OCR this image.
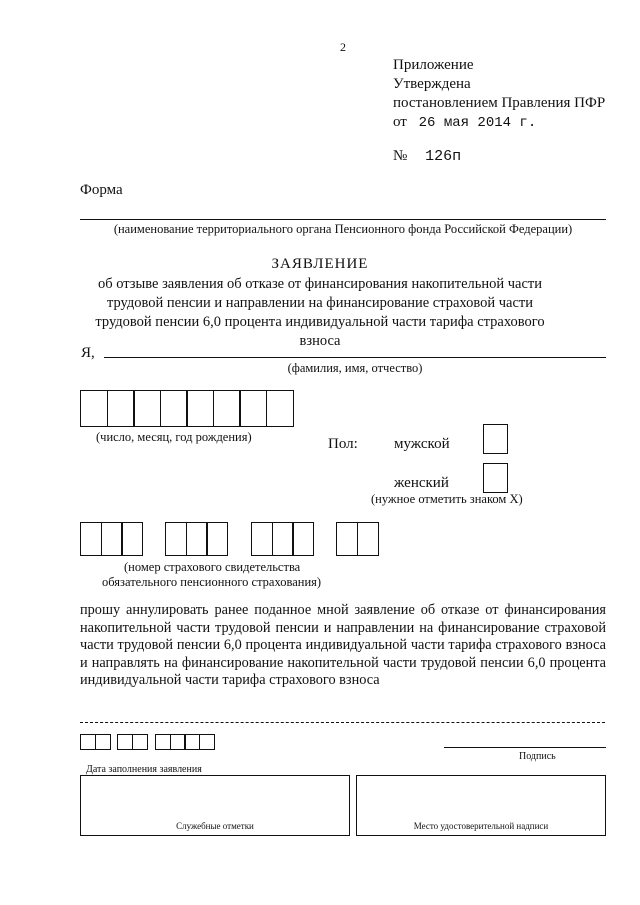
2
Приложение
Утверждена
постановлением Правления ПФР
от 26 мая 2014 г.
№ 126п
Форма
(наименование территориального органа Пенсионного фонда Российской Федерации)
ЗАЯВЛЕНИЕ
об отзыве заявления об отказе от финансирования накопительной части трудовой пенсии и направлении на финансирование страховой части трудовой пенсии 6,0 процента индивидуальной части тарифа страхового взноса
Я,
(фамилия, имя, отчество)
(число, месяц, год рождения)	Пол: мужской
женский
(нужное отметить знаком X)
(номер страхового свидетельства
обязательного пенсионного страхования)
прошу аннулировать ранее поданное мной заявление об отказе от финансирования накопительной части трудовой пенсии и направлении на финансирование страховой части трудовой пенсии 6,0 процента индивидуальной части тарифа страхового взноса и направлять на финансирование накопительной части трудовой пенсии 6,0 процента индивидуальной части тарифа страхового взноса
Подпись
Дата заполнения заявления
Служебные отметки	Место удостоверительной надписи
